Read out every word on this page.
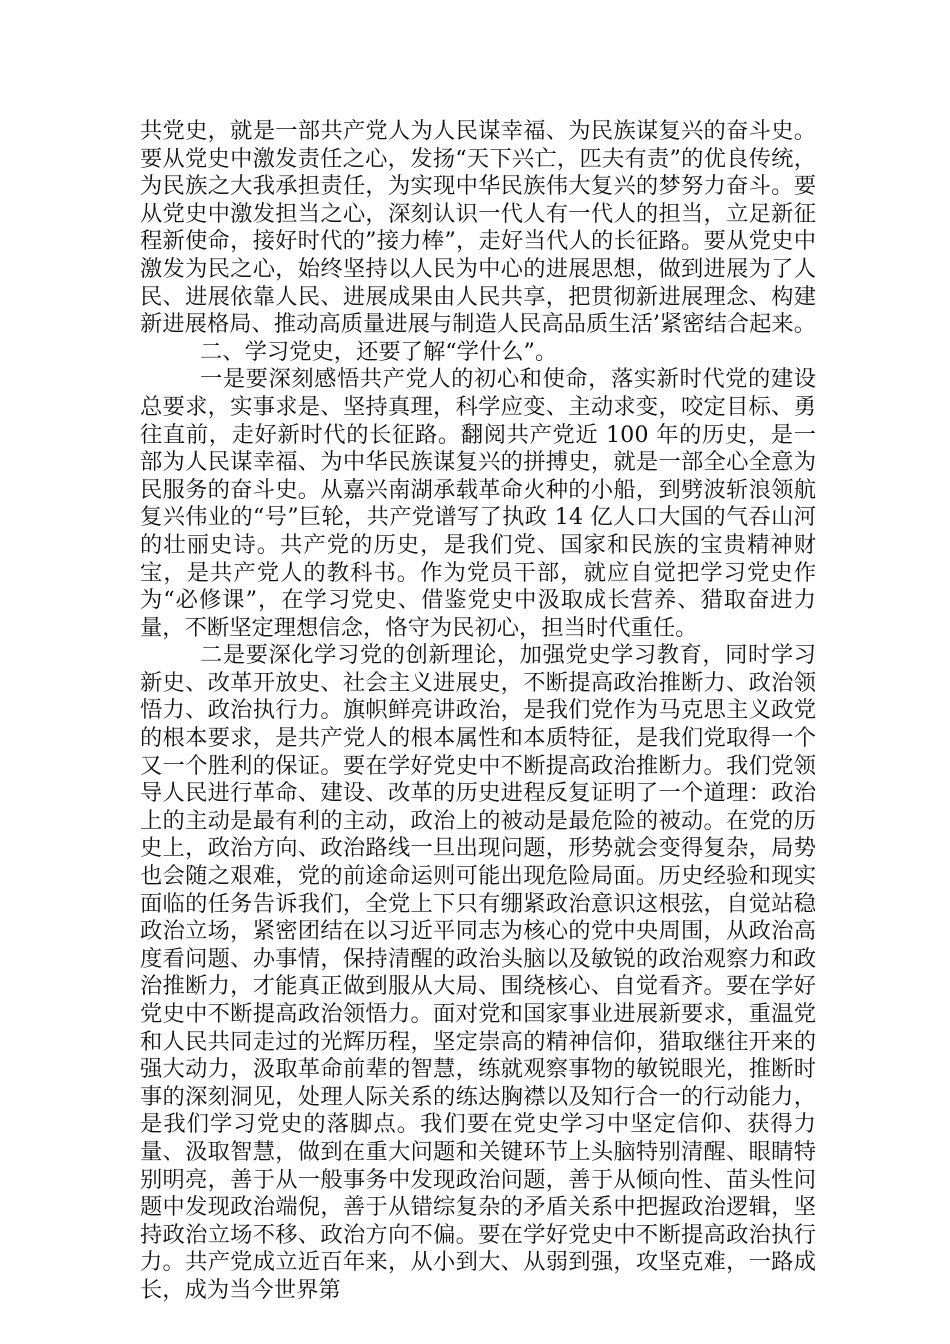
共党史，就是一部共产党人为人民谋幸福、为民族谋复兴的奋斗史。要从党史中激发责任之心，发扬“天下兴亡，匹夫有责”的优良传统，为民族之大我承担责任，为实现中华民族伟大复兴的梦努力奋斗。要从党史中激发担当之心，深刻认识一代人有一代人的担当，立足新征程新使命，接好时代的”接力棒”，走好当代人的长征路。要从党史中激发为民之心，始终坚持以人民为中心的进展思想，做到进展为了人民、进展依靠人民、进展成果由人民共享，把贯彻新进展理念、构建新进展格局、推动高质量进展与制造人民高品质生活’紧密结合起来。

二、学习党史，还要了解“学什么”。

一是要深刻感悟共产党人的初心和使命，落实新时代党的建设总要求，实事求是、坚持真理，科学应变、主动求变，咬定目标、勇往直前，走好新时代的长征路。翻阅共产党近 100 年的历史，是一部为人民谋幸福、为中华民族谋复兴的拼搏史，就是一部全心全意为民服务的奋斗史。从嘉兴南湖承载革命火种的小船，到劈波斩浪领航复兴伟业的“号”巨轮，共产党谱写了执政 14 亿人口大国的气吞山河的壮丽史诗。共产党的历史，是我们党、国家和民族的宝贵精神财宝，是共产党人的教科书。作为党员干部，就应自觉把学习党史作为“必修课”，在学习党史、借鉴党史中汲取成长营养、猎取奋进力量，不断坚定理想信念，恪守为民初心，担当时代重任。

二是要深化学习党的创新理论，加强党史学习教育，同时学习新史、改革开放史、社会主义进展史，不断提高政治推断力、政治领悟力、政治执行力。旗帜鲜亮讲政治，是我们党作为马克思主义政党的根本要求，是共产党人的根本属性和本质特征，是我们党取得一个又一个胜利的保证。要在学好党史中不断提高政治推断力。我们党领导人民进行革命、建设、改革的历史进程反复证明了一个道理：政治上的主动是最有利的主动，政治上的被动是最危险的被动。在党的历史上，政治方向、政治路线一旦出现问题，形势就会变得复杂，局势也会随之艰难，党的前途命运则可能出现危险局面。历史经验和现实面临的任务告诉我们，全党上下只有绷紧政治意识这根弦，自觉站稳政治立场，紧密团结在以习近平同志为核心的党中央周围，从政治高度看问题、办事情，保持清醒的政治头脑以及敏锐的政治观察力和政治推断力，才能真正做到服从大局、围绕核心、自觉看齐。要在学好党史中不断提高政治领悟力。面对党和国家事业进展新要求，重温党和人民共同走过的光辉历程，坚定崇高的精神信仰，猎取继往开来的强大动力，汲取革命前辈的智慧，练就观察事物的敏锐眼光，推断时事的深刻洞见，处理人际关系的练达胸襟以及知行合一的行动能力，是我们学习党史的落脚点。我们要在党史学习中坚定信仰、获得力量、汲取智慧，做到在重大问题和关键环节上头脑特别清醒、眼睛特别明亮，善于从一般事务中发现政治问题，善于从倾向性、苗头性问题中发现政治端倪，善于从错综复杂的矛盾关系中把握政治逻辑，坚持政治立场不移、政治方向不偏。要在学好党史中不断提高政治执行力。共产党成立近百年来，从小到大、从弱到强，攻坚克难，一路成长，成为当今世界第
